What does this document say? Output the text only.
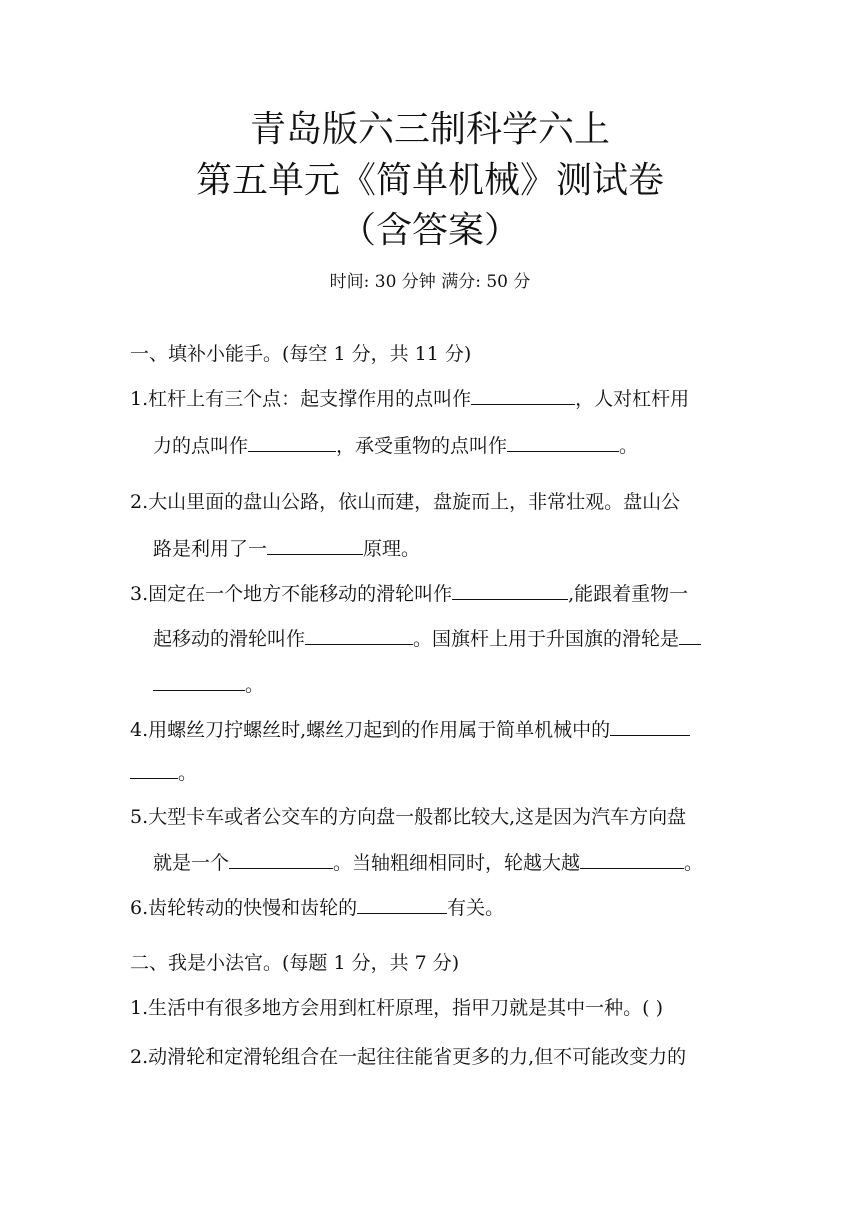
青岛版六三制科学六上
第五单元《简单机械》测试卷
（含答案）
时间: 30 分钟 满分: 50 分
一、填补小能手。(每空 1 分，共 11 分)
1.杠杆上有三个点：起支撑作用的点叫作	，人对杠杆用
力的点叫作	，承受重物的点叫作	。
2.大山里面的盘山公路，依山而建，盘旋而上，非常壮观。盘山公
路是利用了一	原理。
3.固定在一个地方不能移动的滑轮叫作	,能跟着重物一
起移动的滑轮叫作	。国旗杆上用于升国旗的滑轮是
。
4.用螺丝刀拧螺丝时,螺丝刀起到的作用属于简单机械中的
。
5.大型卡车或者公交车的方向盘一般都比较大,这是因为汽车方向盘
就是一个	。当轴粗细相同时，轮越大越	。
6.齿轮转动的快慢和齿轮的	有关。
二、我是小法官。(每题 1 分，共 7 分)
1.生活中有很多地方会用到杠杆原理，指甲刀就是其中一种。( )
2.动滑轮和定滑轮组合在一起往往能省更多的力,但不可能改变力的
